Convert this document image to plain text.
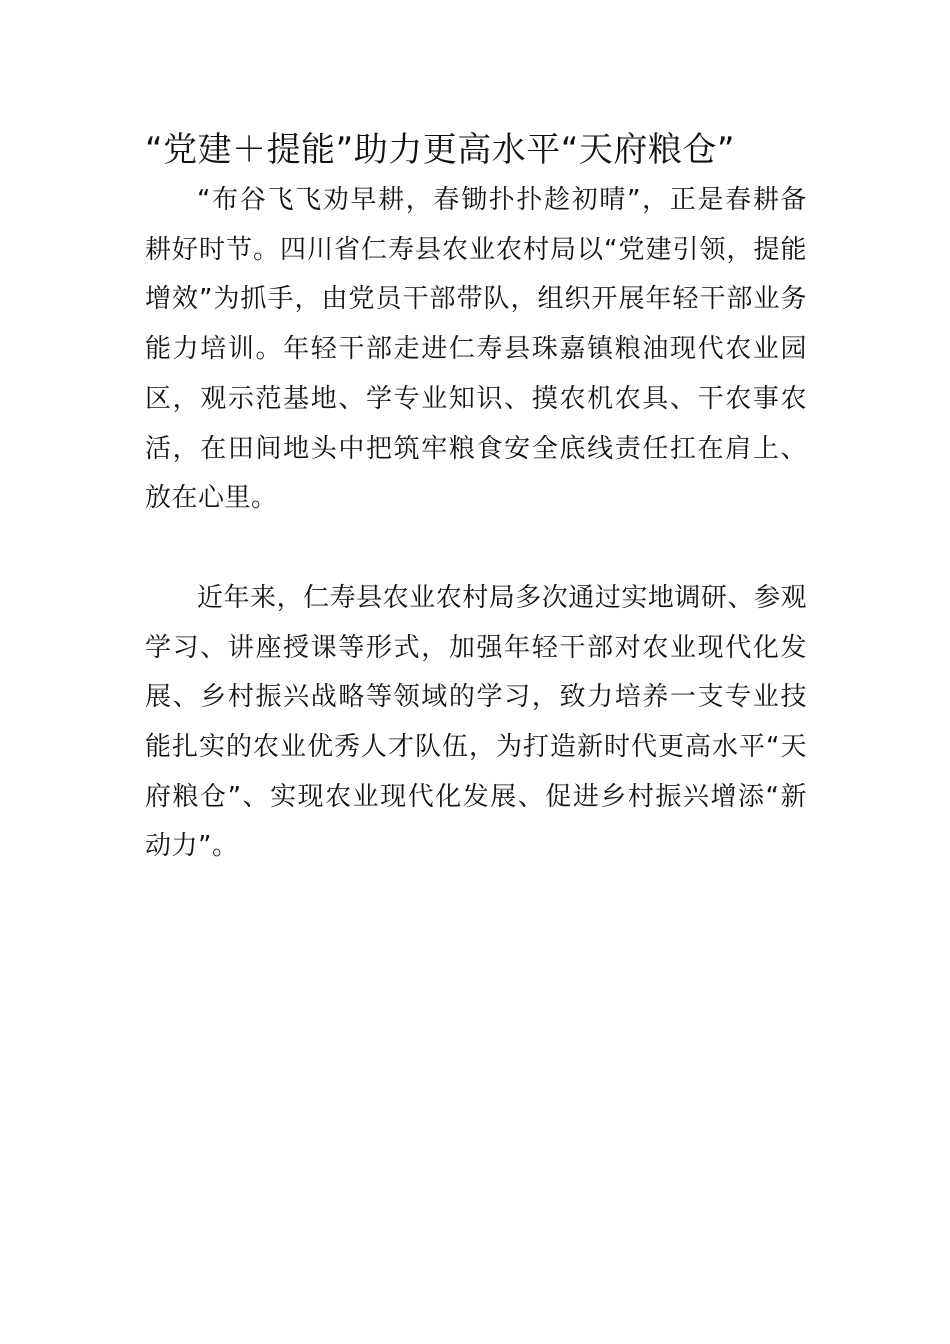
“党建＋提能”助力更高水平“天府粮仓”

“布谷飞飞劝早耕，春锄扑扑趁初晴”，正是春耕备耕好时节。四川省仁寿县农业农村局以“党建引领，提能增效”为抓手，由党员干部带队，组织开展年轻干部业务能力培训。年轻干部走进仁寿县珠嘉镇粮油现代农业园区，观示范基地、学专业知识、摸农机农具、干农事农活，在田间地头中把筑牢粮食安全底线责任扛在肩上、放在心里。

近年来，仁寿县农业农村局多次通过实地调研、参观学习、讲座授课等形式，加强年轻干部对农业现代化发展、乡村振兴战略等领域的学习，致力培养一支专业技能扎实的农业优秀人才队伍，为打造新时代更高水平“天府粮仓”、实现农业现代化发展、促进乡村振兴增添“新动力”。
